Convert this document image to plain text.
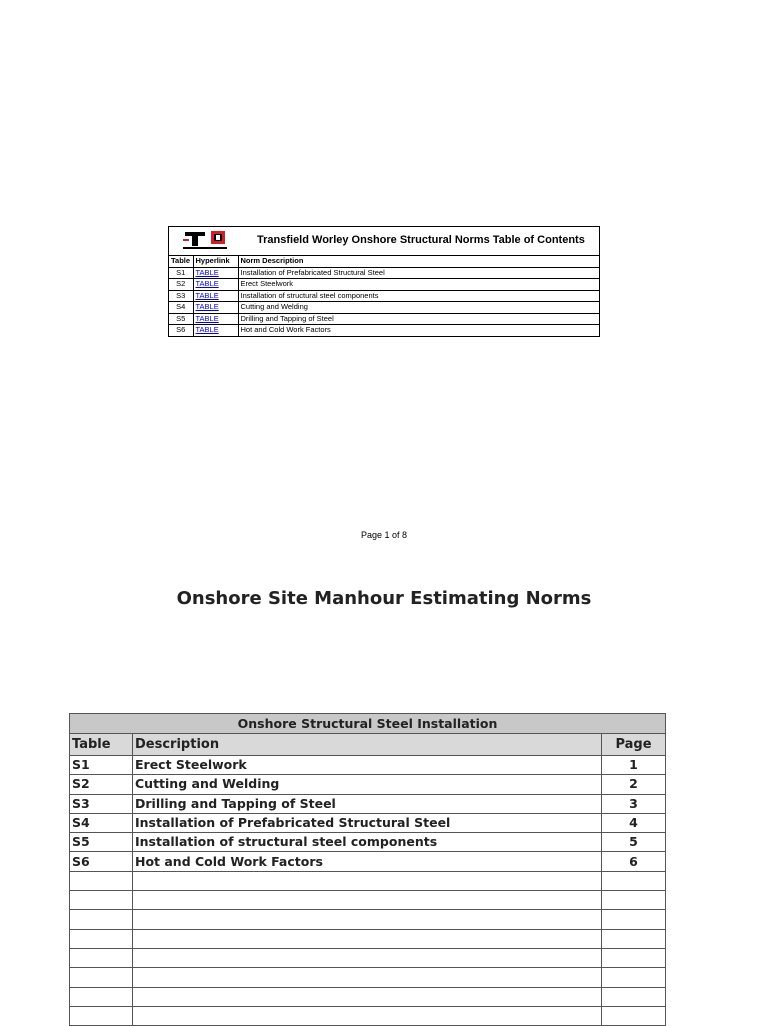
Transfield Worley Onshore Structural Norms Table of Contents
Table	Hyperlink	Norm Description
S1	TABLE	Installation of Prefabricated Structural Steel
S2	TABLE	Erect Steelwork
S3	TABLE	Installation of structural steel components
S4	TABLE	Cutting and Welding
S5	TABLE	Drilling and Tapping of Steel
S6	TABLE	Hot and Cold Work Factors
Page 1 of 8
Onshore Site Manhour Estimating Norms
Onshore Structural Steel Installation		
Table	Description	Page
S1	Erect Steelwork	1
S2	Cutting and Welding	2
S3	Drilling and Tapping of Steel	3
S4	Installation of Prefabricated Structural Steel	4
S5	Installation of structural steel components	5
S6	Hot and Cold Work Factors	6
